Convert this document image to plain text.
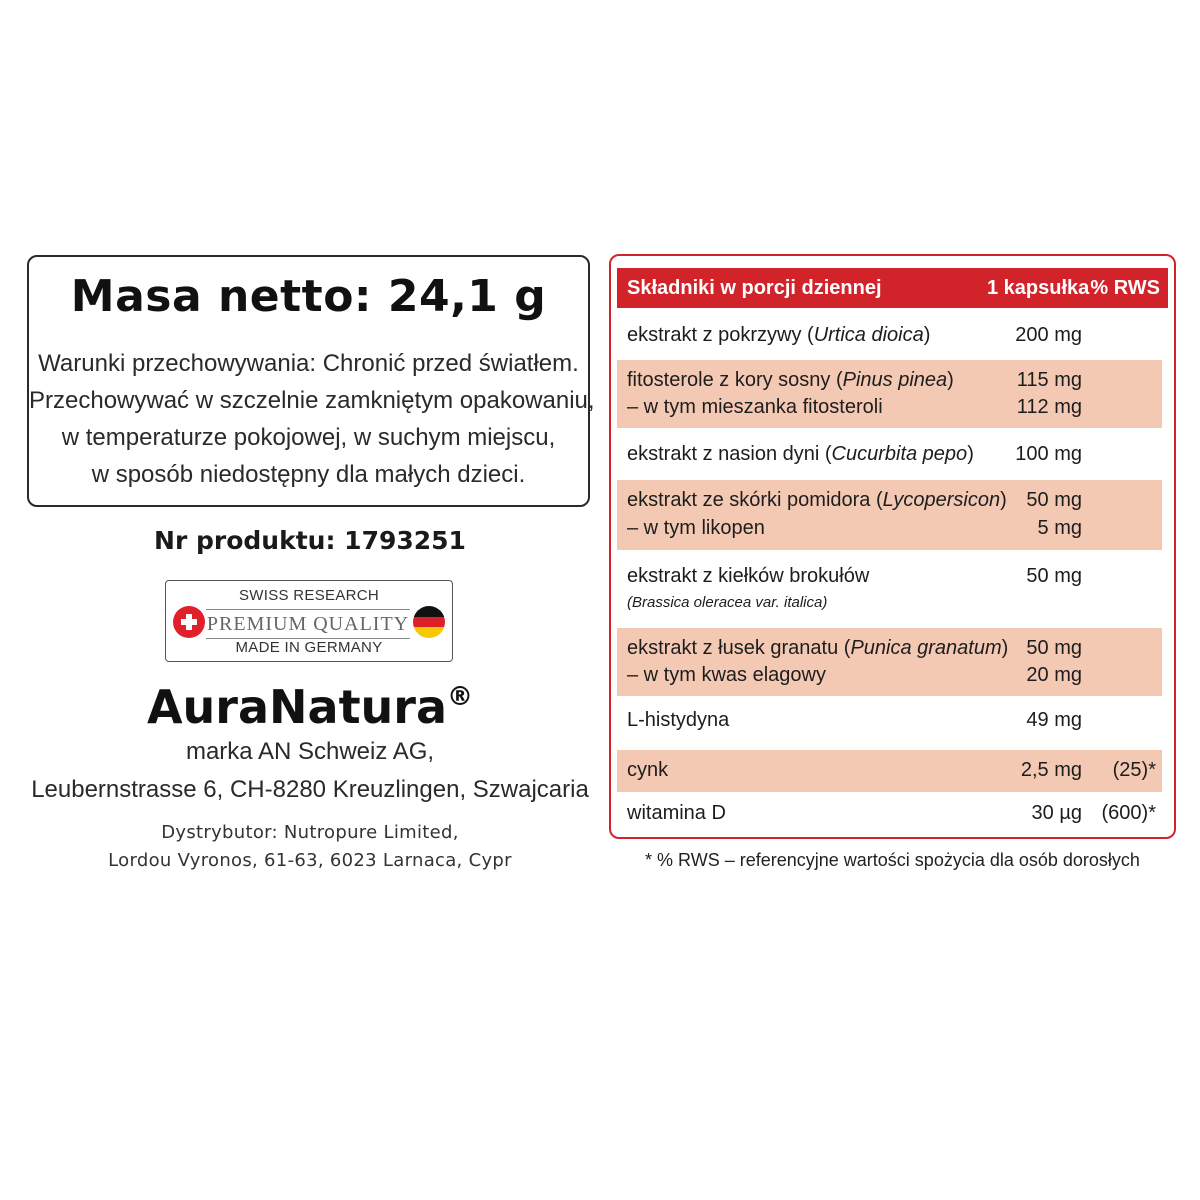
Masa netto: 24,1 g
Warunki przechowywania: Chronić przed światłem.
Przechowywać w szczelnie zamkniętym opakowaniu,
w temperaturze pokojowej, w suchym miejscu,
w sposób niedostępny dla małych dzieci.
Nr produktu: 1793251
SWISS RESEARCH
PREMIUM QUALITY
MADE IN GERMANY
AuraNatura®
marka AN Schweiz AG,
Leubernstrasse 6, CH-8280 Kreuzlingen, Szwajcaria
Dystrybutor: Nutropure Limited,
Lordou Vyronos, 61-63, 6023 Larnaca, Cypr
Składniki w porcji dziennej	1 kapsułka % RWS
ekstrakt z pokrzywy (Urtica dioica)	200 mg
fitosterole z kory sosny (Pinus pinea)	115 mg
– w tym mieszanka fitosteroli	112 mg
ekstrakt z nasion dyni (Cucurbita pepo) 100 mg
ekstrakt ze skórki pomidora (Lycopersicon) 50 mg
– w tym likopen	5 mg
ekstrakt z kiełków brokułów	50 mg
(Brassica oleracea var. italica)
ekstrakt z łusek granatu (Punica granatum) 50 mg
– w tym kwas elagowy	20 mg
L-histydyna	49 mg
cynk	2,5 mg (25)*
witamina D	30 µg (600)*
* % RWS – referencyjne wartości spożycia dla osób dorosłych
